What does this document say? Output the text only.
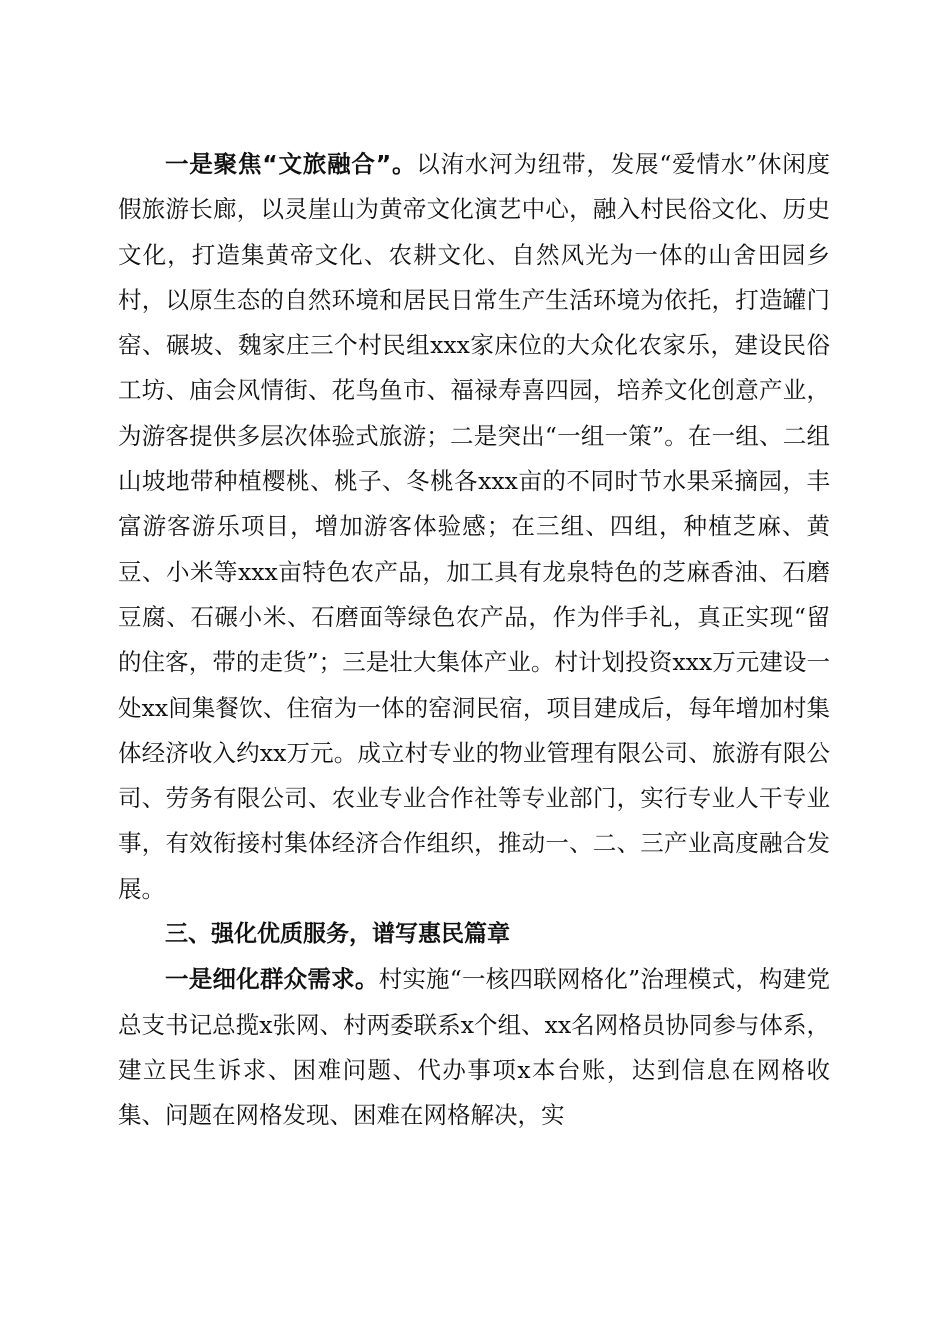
一是聚焦“文旅融合”。以洧水河为纽带，发展“爱情水”休闲度假旅游长廊，以灵崖山为黄帝文化演艺中心，融入村民俗文化、历史文化，打造集黄帝文化、农耕文化、自然风光为一体的山舍田园乡村，以原生态的自然环境和居民日常生产生活环境为依托，打造罐门窑、碾坡、魏家庄三个村民组xxx家床位的大众化农家乐，建设民俗工坊、庙会风情街、花鸟鱼市、福禄寿喜四园，培养文化创意产业，为游客提供多层次体验式旅游；二是突出“一组一策”。在一组、二组山坡地带种植樱桃、桃子、冬桃各xxx亩的不同时节水果采摘园，丰富游客游乐项目，增加游客体验感；在三组、四组，种植芝麻、黄豆、小米等xxx亩特色农产品，加工具有龙泉特色的芝麻香油、石磨豆腐、石碾小米、石磨面等绿色农产品，作为伴手礼，真正实现“留的住客，带的走货”；三是壮大集体产业。村计划投资xxx万元建设一处xx间集餐饮、住宿为一体的窑洞民宿，项目建成后，每年增加村集体经济收入约xx万元。成立村专业的物业管理有限公司、旅游有限公司、劳务有限公司、农业专业合作社等专业部门，实行专业人干专业事，有效衔接村集体经济合作组织，推动一、二、三产业高度融合发展。

三、强化优质服务，谱写惠民篇章

一是细化群众需求。村实施“一核四联网格化”治理模式，构建党总支书记总揽x张网、村两委联系x个组、xx名网格员协同参与体系，建立民生诉求、困难问题、代办事项x本台账，达到信息在网格收集、问题在网格发现、困难在网格解决，实
